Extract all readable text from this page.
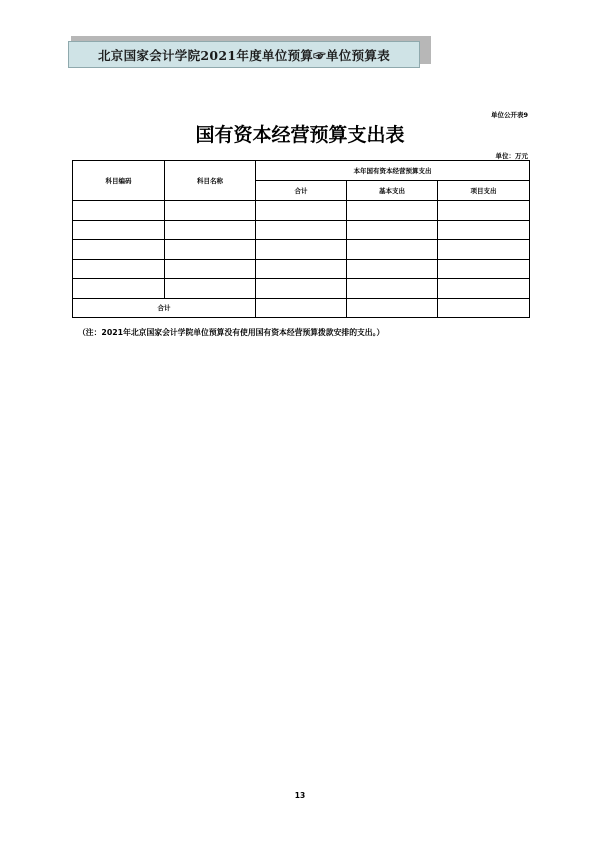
北京国家会计学院2021年度单位预算☞单位预算表
单位公开表9
国有资本经营预算支出表
单位：万元
科目编码	科目名称	本年国有资本经营预算支出		
		合计	基本支出	项目支出

合计				
（注：2021年北京国家会计学院单位预算没有使用国有资本经营预算拨款安排的支出。）
13
